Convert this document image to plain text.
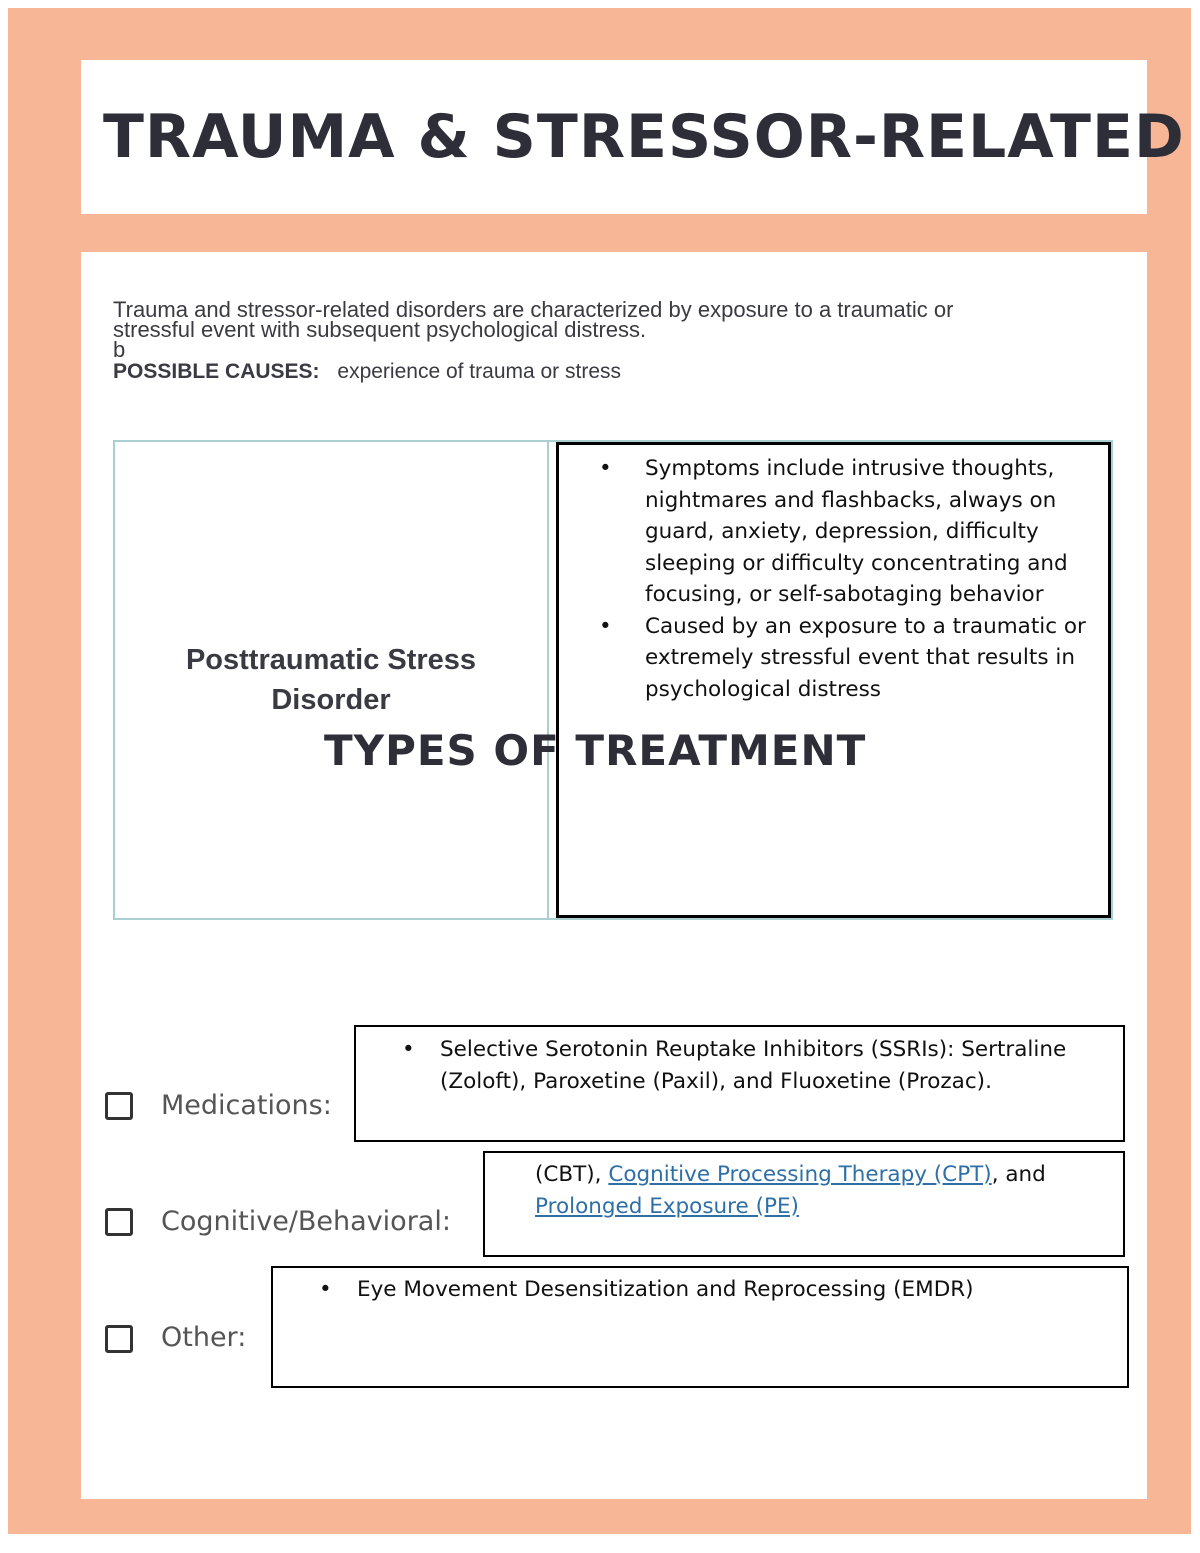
TRAUMA & STRESSOR-RELATED
Trauma and stressor-related disorders are characterized by exposure to a traumatic or stressful event with subsequent psychological distress.
b
POSSIBLE CAUSES: experience of trauma or stress
Posttraumatic Stress Disorder
• Symptoms include intrusive thoughts, nightmares and flashbacks, always on guard, anxiety, depression, difficulty sleeping or difficulty concentrating and focusing, or self-sabotaging behavior
• Caused by an exposure to a traumatic or extremely stressful event that results in psychological distress
TYPES OF TREATMENT
Medications:
• Selective Serotonin Reuptake Inhibitors (SSRIs): Sertraline (Zoloft), Paroxetine (Paxil), and Fluoxetine (Prozac).
Cognitive/Behavioral:
(CBT), Cognitive Processing Therapy (CPT), and Prolonged Exposure (PE)
Other:
• Eye Movement Desensitization and Reprocessing (EMDR)
